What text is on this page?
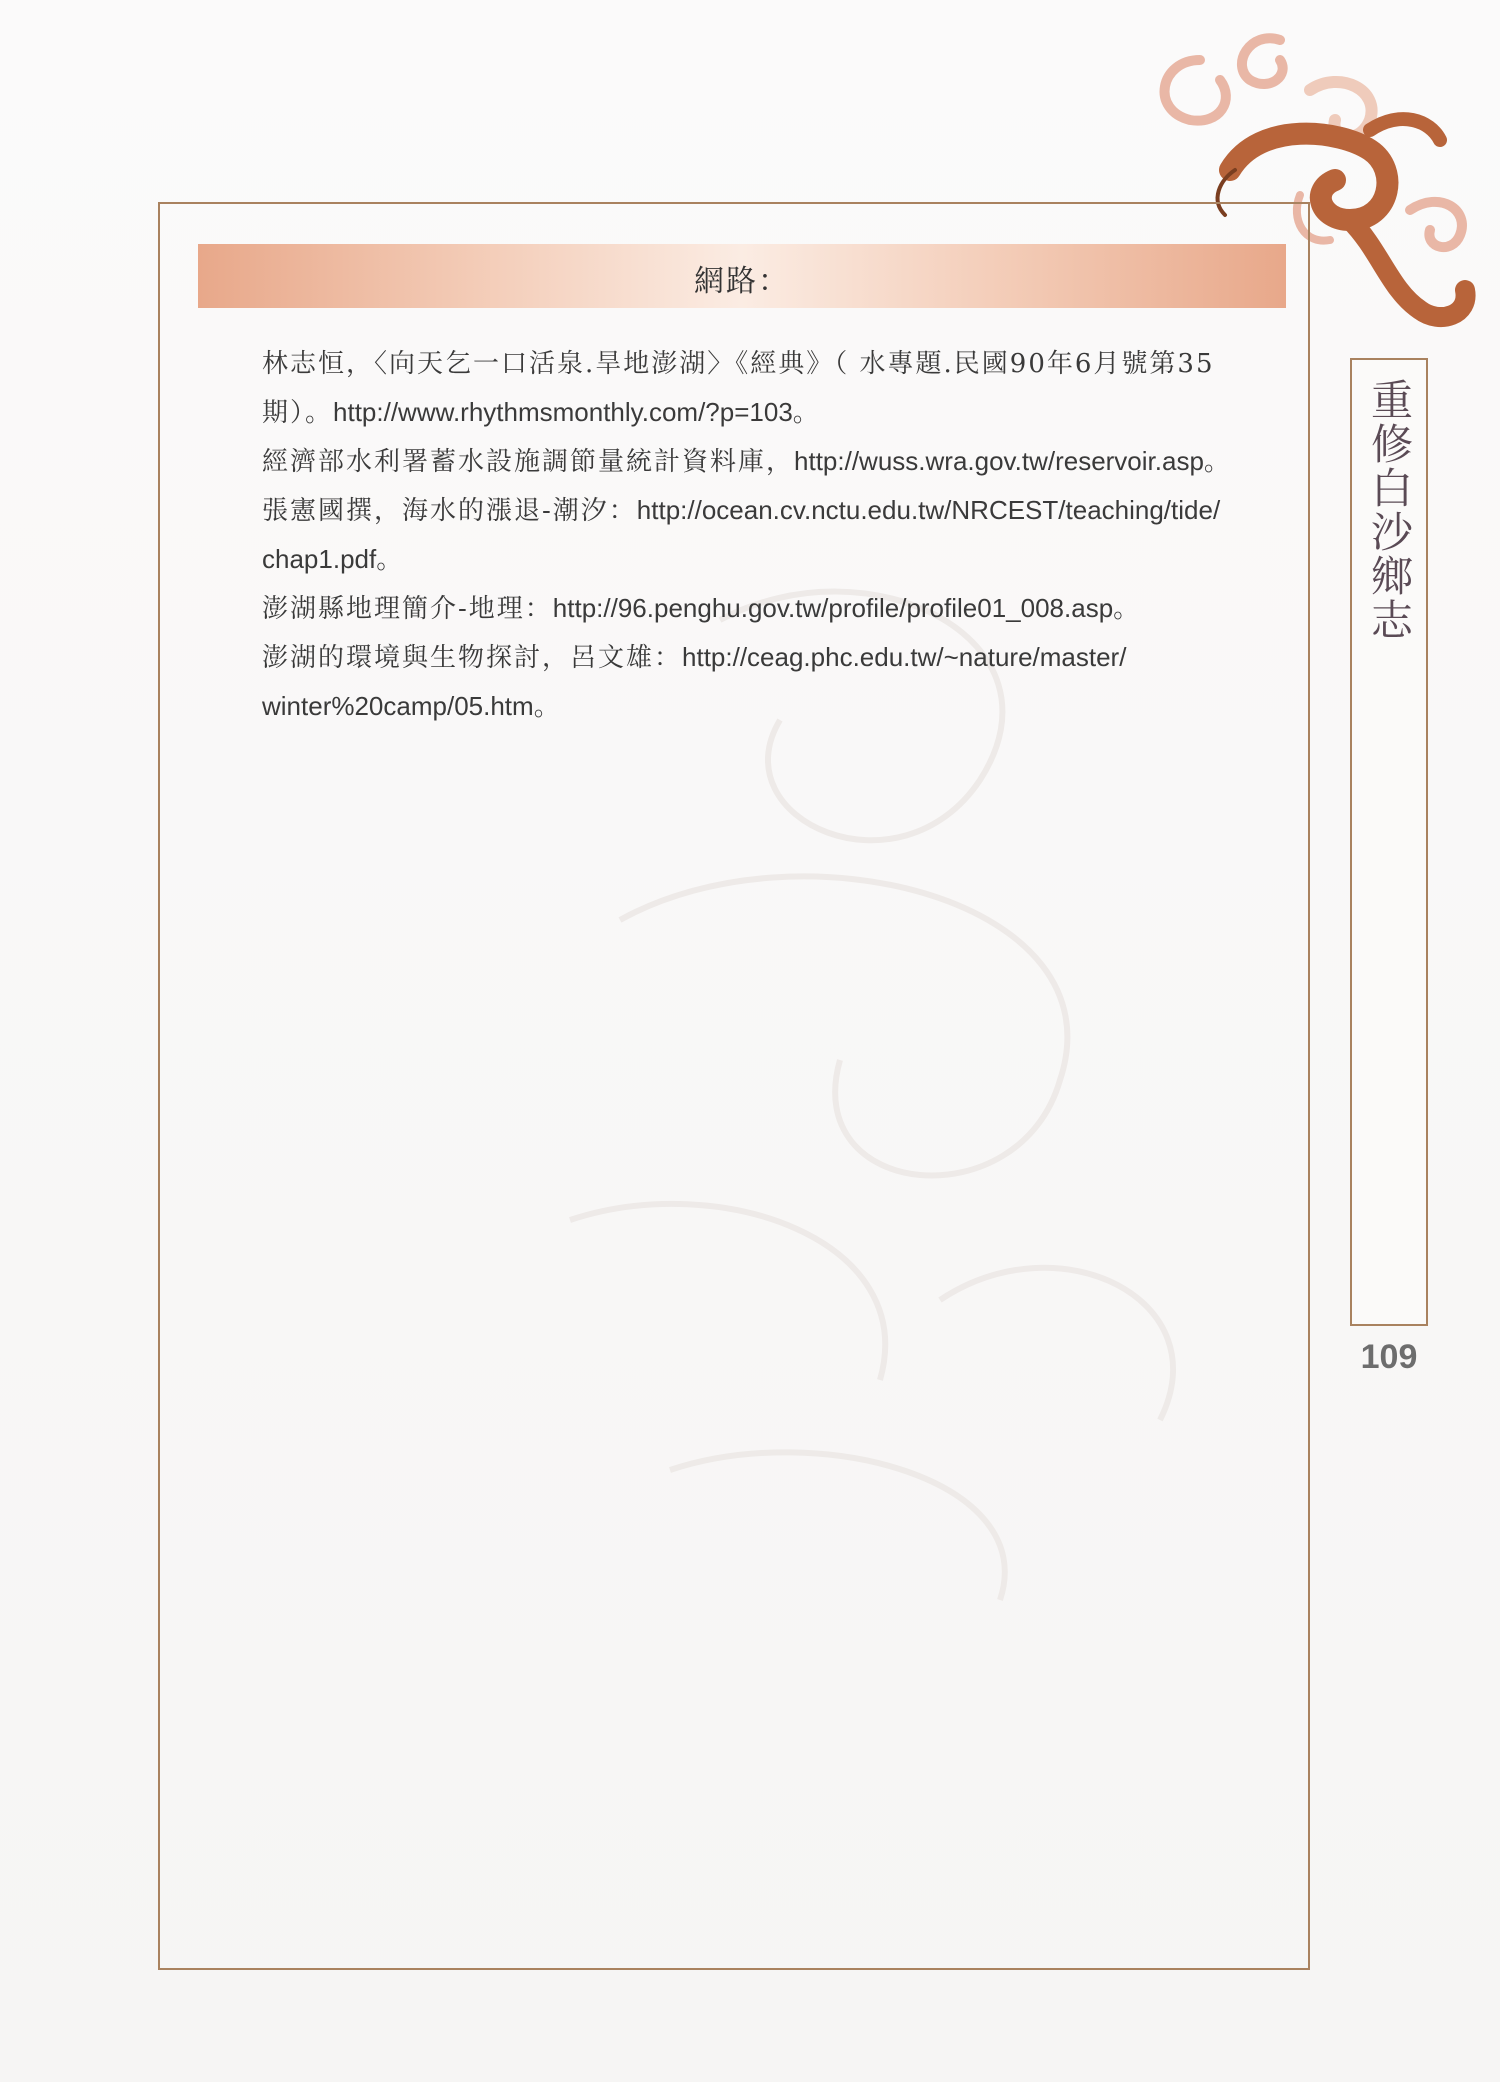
網路：

林志恒，〈向天乞一口活泉.旱地澎湖〉《經典》（ 水專題.民國90年6月號第35
期）。http://www.rhythmsmonthly.com/?p=103。

經濟部水利署蓄水設施調節量統計資料庫，http://wuss.wra.gov.tw/reservoir.asp。

張憲國撰，海水的漲退-潮汐：http://ocean.cv.nctu.edu.tw/NRCEST/teaching/tide/
chap1.pdf。

澎湖縣地理簡介-地理：http://96.penghu.gov.tw/profile/profile01_008.asp。

澎湖的環境與生物探討，呂文雄：http://ceag.phc.edu.tw/~nature/master/
winter%20camp/05.htm。

重修白沙鄉志
109
